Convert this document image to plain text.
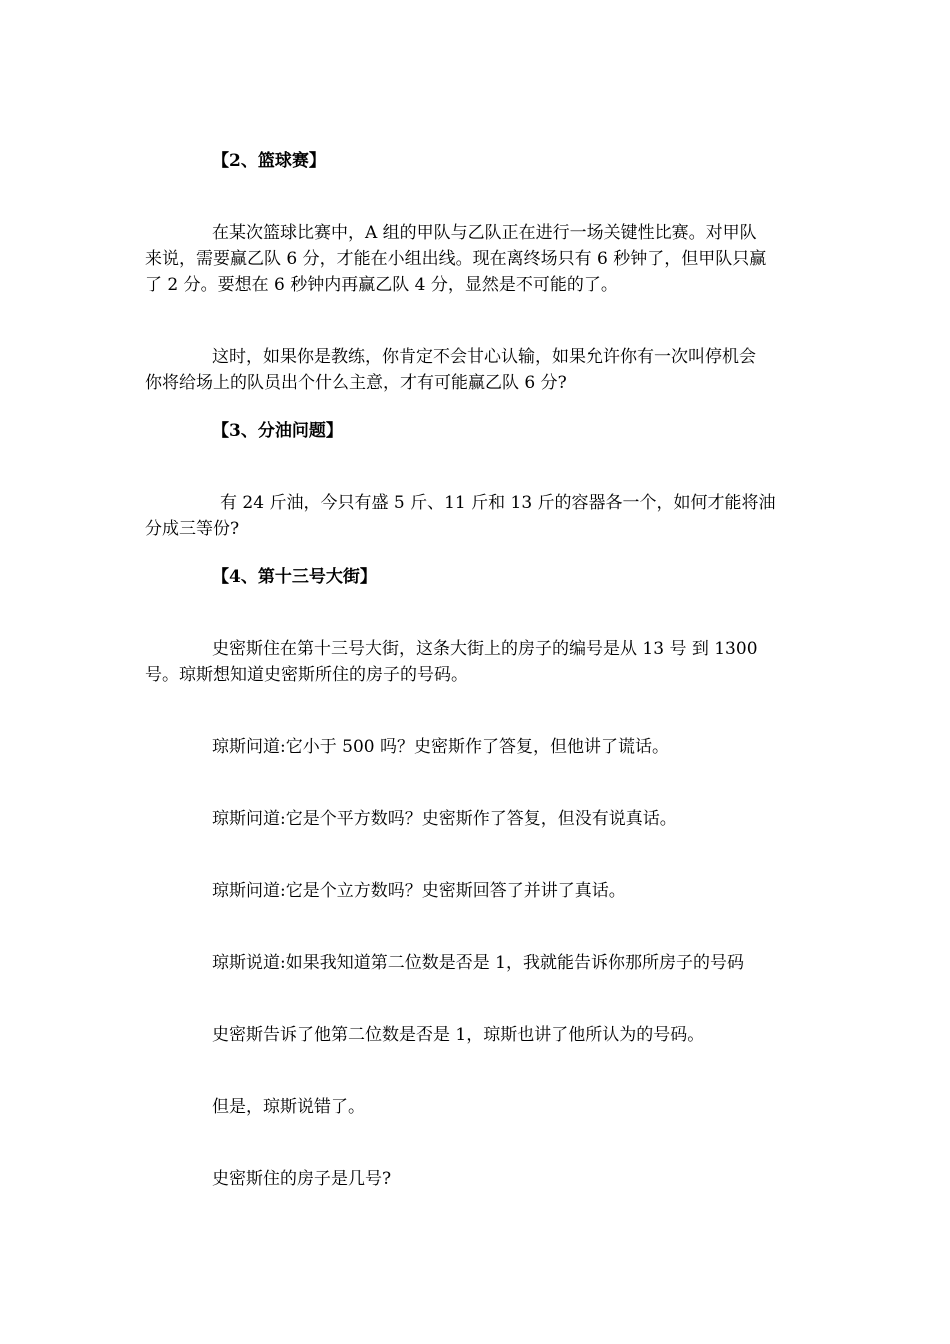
【2、篮球赛】
在某次篮球比赛中，A 组的甲队与乙队正在进行一场关键性比赛。对甲队
来说，需要赢乙队 6 分，才能在小组出线。现在离终场只有 6 秒钟了，但甲队只赢
了 2 分。要想在 6 秒钟内再赢乙队 4 分，显然是不可能的了。
这时，如果你是教练，你肯定不会甘心认输，如果允许你有一次叫停机会
你将给场上的队员出个什么主意，才有可能赢乙队 6 分?
【3、分油问题】
有 24 斤油，今只有盛 5 斤、11 斤和 13 斤的容器各一个，如何才能将油
分成三等份?
【4、第十三号大街】
史密斯住在第十三号大街，这条大街上的房子的编号是从 13 号 到 1300
号。琼斯想知道史密斯所住的房子的号码。
琼斯问道:它小于 500 吗？史密斯作了答复，但他讲了谎话。
琼斯问道:它是个平方数吗？史密斯作了答复，但没有说真话。
琼斯问道:它是个立方数吗？史密斯回答了并讲了真话。
琼斯说道:如果我知道第二位数是否是 1，我就能告诉你那所房子的号码
史密斯告诉了他第二位数是否是 1，琼斯也讲了他所认为的号码。
但是，琼斯说错了。
史密斯住的房子是几号?
